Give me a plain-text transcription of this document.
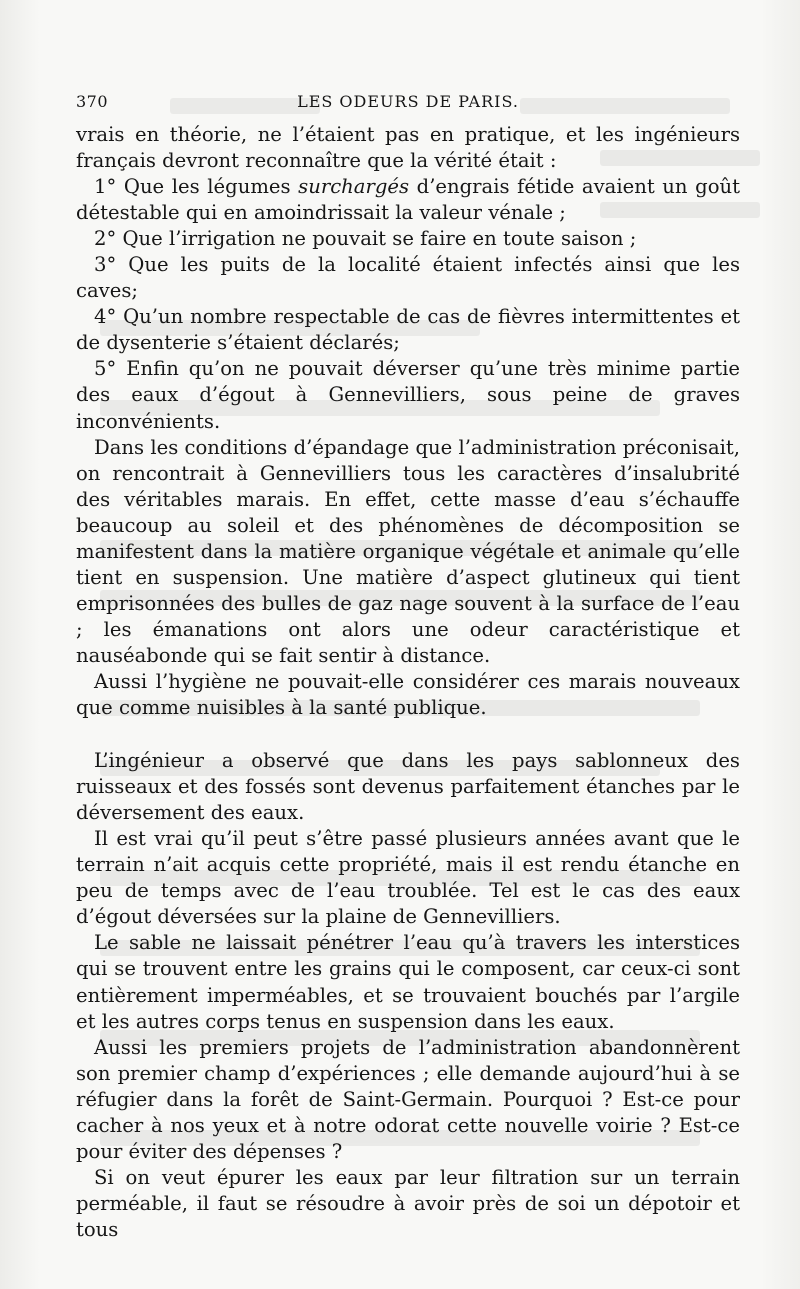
370	LES ODEURS DE PARIS.

vrais en théorie, ne l’étaient pas en pratique, et les ingénieurs français devront reconnaître que la vérité était :

1° Que les légumes surchargés d’engrais fétide avaient un goût détestable qui en amoindrissait la valeur vénale ;

2° Que l’irrigation ne pouvait se faire en toute saison ;

3° Que les puits de la localité étaient infectés ainsi que les caves;

4° Qu’un nombre respectable de cas de fièvres intermittentes et de dysenterie s’étaient déclarés;

5° Enfin qu’on ne pouvait déverser qu’une très minime partie des eaux d’égout à Gennevilliers, sous peine de graves inconvénients.

Dans les conditions d’épandage que l’administration préconisait, on rencontrait à Gennevilliers tous les caractères d’insalubrité des véritables marais. En effet, cette masse d’eau s’échauffe beaucoup au soleil et des phénomènes de décomposition se manifestent dans la matière organique végétale et animale qu’elle tient en suspension. Une matière d’aspect glutineux qui tient emprisonnées des bulles de gaz nage souvent à la surface de l’eau ; les émanations ont alors une odeur caractéristique et nauséabonde qui se fait sentir à distance.

Aussi l’hygiène ne pouvait-elle considérer ces marais nouveaux que comme nuisibles à la santé publique.

L’ingénieur a observé que dans les pays sablonneux des ruisseaux et des fossés sont devenus parfaitement étanches par le déversement des eaux.

Il est vrai qu’il peut s’être passé plusieurs années avant que le terrain n’ait acquis cette propriété, mais il est rendu étanche en peu de temps avec de l’eau troublée. Tel est le cas des eaux d’égout déversées sur la plaine de Gennevilliers.

Le sable ne laissait pénétrer l’eau qu’à travers les interstices qui se trouvent entre les grains qui le composent, car ceux-ci sont entièrement imperméables, et se trouvaient bouchés par l’argile et les autres corps tenus en suspension dans les eaux.

Aussi les premiers projets de l’administration abandonnèrent son premier champ d’expériences ; elle demande aujourd’hui à se réfugier dans la forêt de Saint-Germain. Pourquoi ? Est-ce pour cacher à nos yeux et à notre odorat cette nouvelle voirie ? Est-ce pour éviter des dépenses ?

Si on veut épurer les eaux par leur filtration sur un terrain perméable, il faut se résoudre à avoir près de soi un dépotoir et tous
